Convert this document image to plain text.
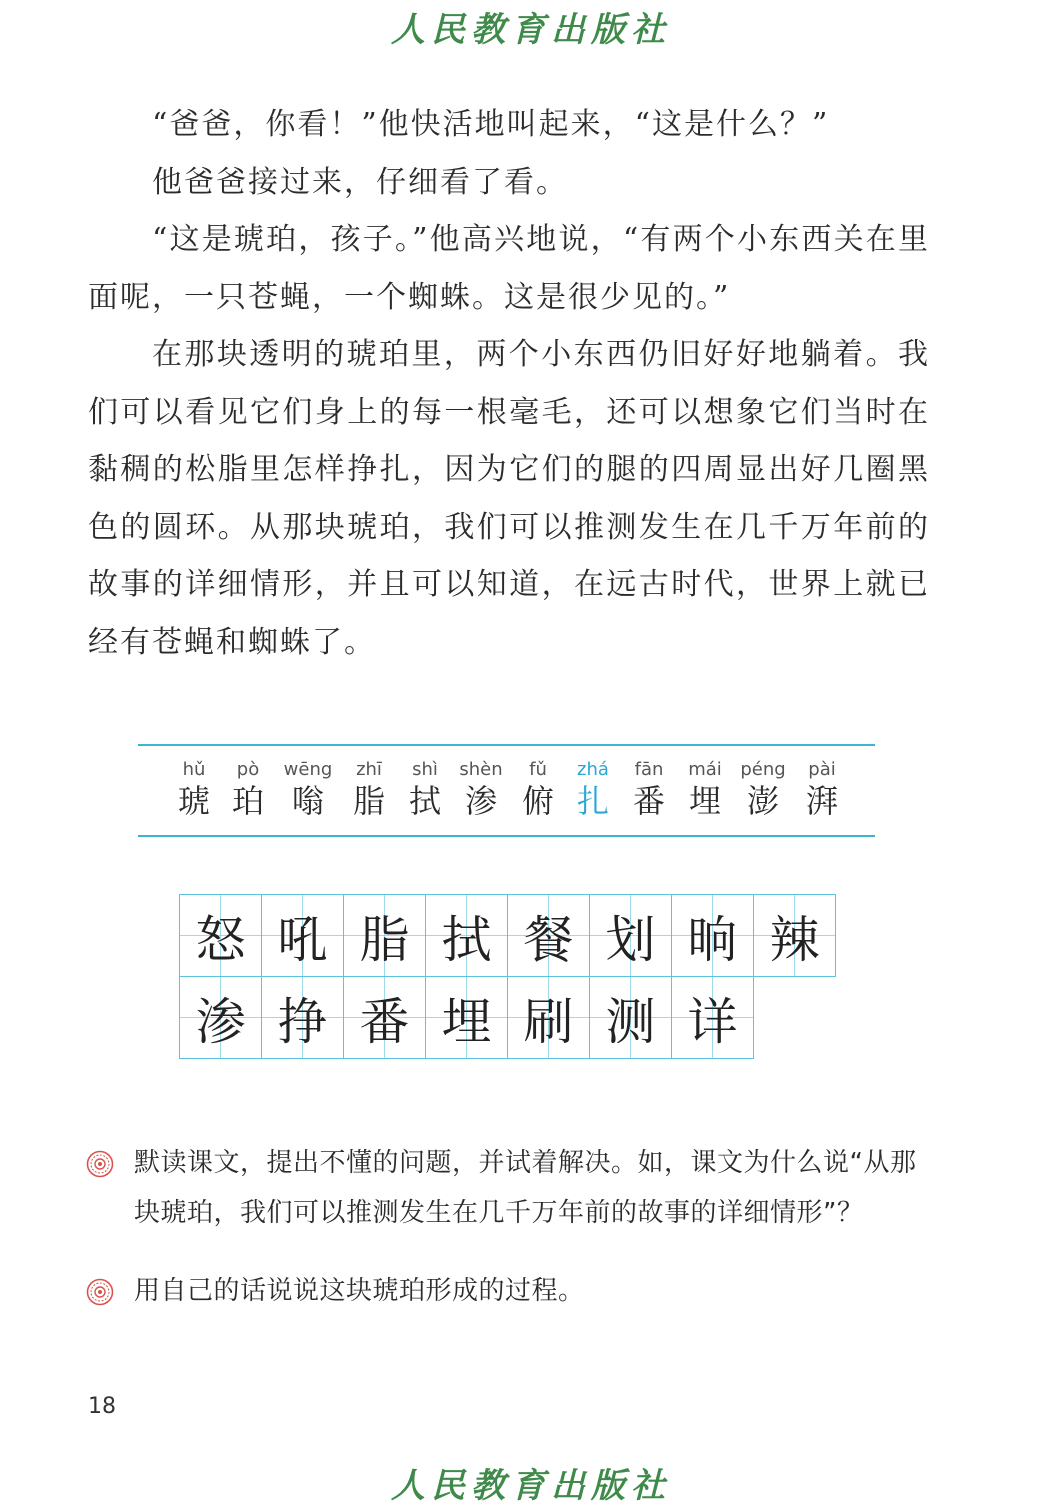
人民教育出版社

“爸爸，你看！”他快活地叫起来，“这是什么？”

他爸爸接过来，仔细看了看。

“这是琥珀，孩子。”他高兴地说，“有两个小东西关在里面呢，一只苍蝇，一个蜘蛛。这是很少见的。”

在那块透明的琥珀里，两个小东西仍旧好好地躺着。我们可以看见它们身上的每一根毫毛，还可以想象它们当时在黏稠的松脂里怎样挣扎，因为它们的腿的四周显出好几圈黑色的圆环。从那块琥珀，我们可以推测发生在几千万年前的故事的详细情形，并且可以知道，在远古时代，世界上就已经有苍蝇和蜘蛛了。

hǔ
琥
pò
珀
wēng
嗡
zhī
脂
shì
拭
shèn
渗
fǔ
俯
zhá
扎
fān
番
mái
埋
péng
澎
pài
湃
怒 吼 脂 拭 餐 划 晌 辣
渗 挣 番 埋 刷 测 详
默读课文，提出不懂的问题，并试着解决。如，课文为什么说“从那块琥珀，我们可以推测发生在几千万年前的故事的详细情形”？
用自己的话说说这块琥珀形成的过程。
18
人民教育出版社
